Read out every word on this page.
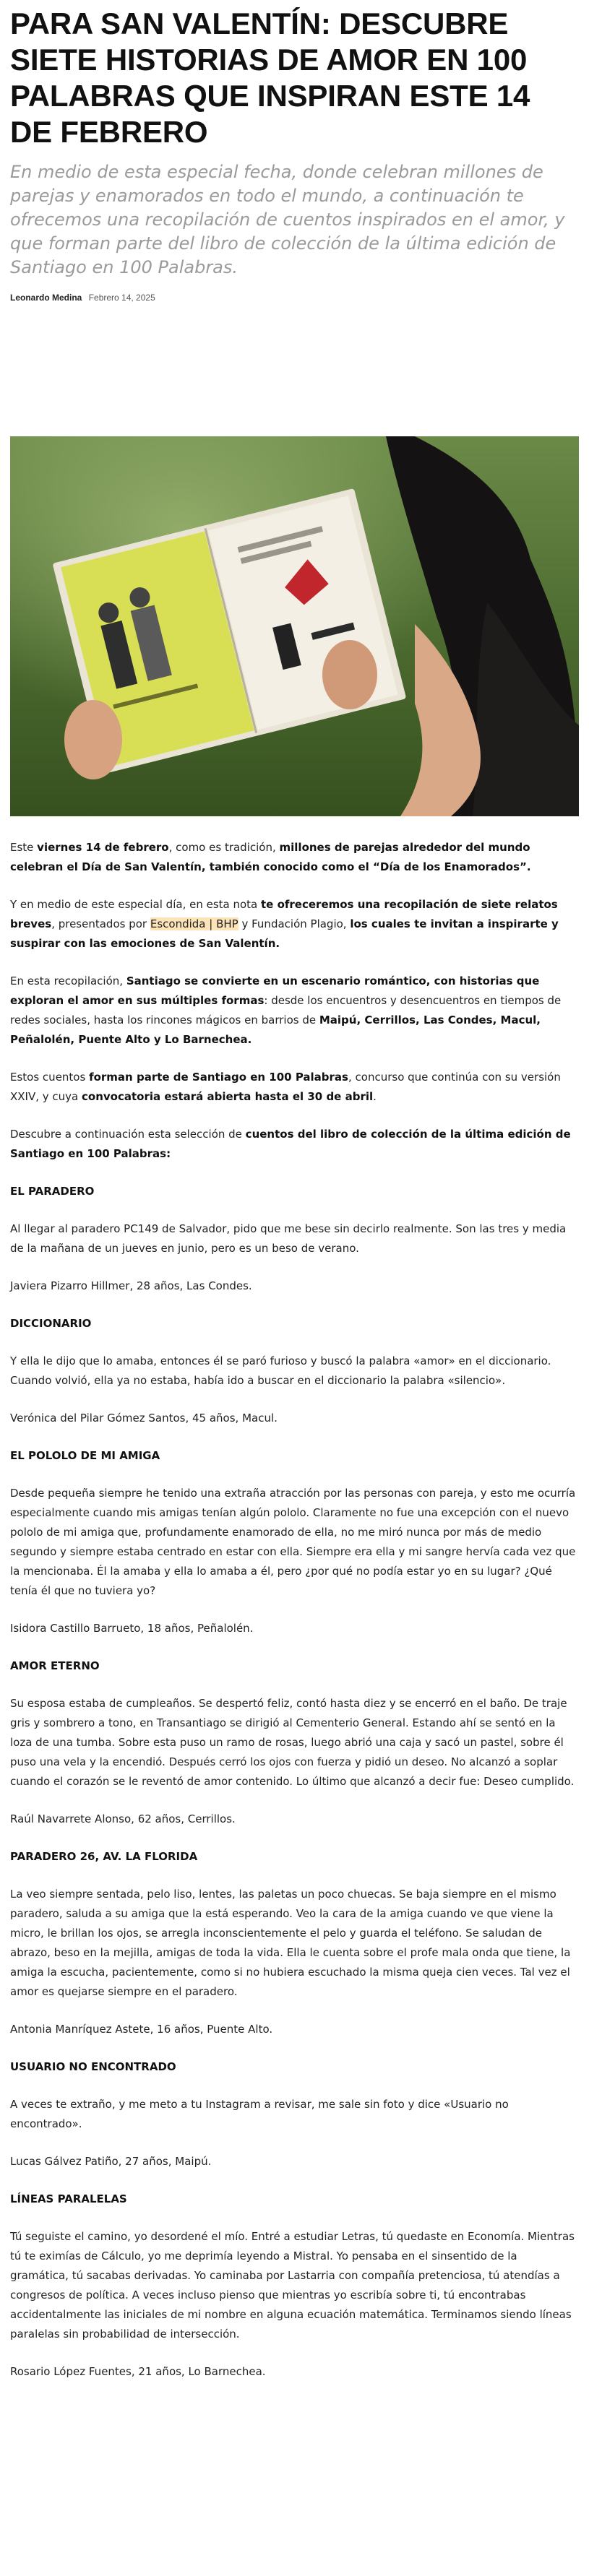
PARA SAN VALENTÍN: DESCUBRE SIETE HISTORIAS DE AMOR EN 100 PALABRAS QUE INSPIRAN ESTE 14 DE FEBRERO

En medio de esta especial fecha, donde celebran millones de parejas y enamorados en todo el mundo, a continuación te ofrecemos una recopilación de cuentos inspirados en el amor, y que forman parte del libro de colección de la última edición de Santiago en 100 Palabras.

Leonardo Medina Febrero 14, 2025

Este viernes 14 de febrero, como es tradición, millones de parejas alrededor del mundo celebran el Día de San Valentín, también conocido como el “Día de los Enamorados”.

Y en medio de este especial día, en esta nota te ofreceremos una recopilación de siete relatos breves, presentados por Escondida | BHP y Fundación Plagio, los cuales te invitan a inspirarte y suspirar con las emociones de San Valentín.

En esta recopilación, Santiago se convierte en un escenario romántico, con historias que exploran el amor en sus múltiples formas: desde los encuentros y desencuentros en tiempos de redes sociales, hasta los rincones mágicos en barrios de Maipú, Cerrillos, Las Condes, Macul, Peñalolén, Puente Alto y Lo Barnechea.

Estos cuentos forman parte de Santiago en 100 Palabras, concurso que continúa con su versión XXIV, y cuya convocatoria estará abierta hasta el 30 de abril.

Descubre a continuación esta selección de cuentos del libro de colección de la última edición de Santiago en 100 Palabras:

EL PARADERO

Al llegar al paradero PC149 de Salvador, pido que me bese sin decirlo realmente. Son las tres y media de la mañana de un jueves en junio, pero es un beso de verano.

Javiera Pizarro Hillmer, 28 años, Las Condes.

DICCIONARIO

Y ella le dijo que lo amaba, entonces él se paró furioso y buscó la palabra «amor» en el diccionario. Cuando volvió, ella ya no estaba, había ido a buscar en el diccionario la palabra «silencio».

Verónica del Pilar Gómez Santos, 45 años, Macul.

EL POLOLO DE MI AMIGA

Desde pequeña siempre he tenido una extraña atracción por las personas con pareja, y esto me ocurría especialmente cuando mis amigas tenían algún pololo. Claramente no fue una excepción con el nuevo pololo de mi amiga que, profundamente enamorado de ella, no me miró nunca por más de medio segundo y siempre estaba centrado en estar con ella. Siempre era ella y mi sangre hervía cada vez que la mencionaba. Él la amaba y ella lo amaba a él, pero ¿por qué no podía estar yo en su lugar? ¿Qué tenía él que no tuviera yo?

Isidora Castillo Barrueto, 18 años, Peñalolén.

AMOR ETERNO

Su esposa estaba de cumpleaños. Se despertó feliz, contó hasta diez y se encerró en el baño. De traje gris y sombrero a tono, en Transantiago se dirigió al Cementerio General. Estando ahí se sentó en la loza de una tumba. Sobre esta puso un ramo de rosas, luego abrió una caja y sacó un pastel, sobre él puso una vela y la encendió. Después cerró los ojos con fuerza y pidió un deseo. No alcanzó a soplar cuando el corazón se le reventó de amor contenido. Lo último que alcanzó a decir fue: Deseo cumplido.

Raúl Navarrete Alonso, 62 años, Cerrillos.

PARADERO 26, AV. LA FLORIDA

La veo siempre sentada, pelo liso, lentes, las paletas un poco chuecas. Se baja siempre en el mismo paradero, saluda a su amiga que la está esperando. Veo la cara de la amiga cuando ve que viene la micro, le brillan los ojos, se arregla inconscientemente el pelo y guarda el teléfono. Se saludan de abrazo, beso en la mejilla, amigas de toda la vida. Ella le cuenta sobre el profe mala onda que tiene, la amiga la escucha, pacientemente, como si no hubiera escuchado la misma queja cien veces. Tal vez el amor es quejarse siempre en el paradero.

Antonia Manríquez Astete, 16 años, Puente Alto.

USUARIO NO ENCONTRADO

A veces te extraño, y me meto a tu Instagram a revisar, me sale sin foto y dice «Usuario no encontrado».

Lucas Gálvez Patiño, 27 años, Maipú.

LÍNEAS PARALELAS

Tú seguiste el camino, yo desordené el mío. Entré a estudiar Letras, tú quedaste en Economía. Mientras tú te eximías de Cálculo, yo me deprimía leyendo a Mistral. Yo pensaba en el sinsentido de la gramática, tú sacabas derivadas. Yo caminaba por Lastarria con compañía pretenciosa, tú atendías a congresos de política. A veces incluso pienso que mientras yo escribía sobre ti, tú encontrabas accidentalmente las iniciales de mi nombre en alguna ecuación matemática. Terminamos siendo líneas paralelas sin probabilidad de intersección.

Rosario López Fuentes, 21 años, Lo Barnechea.
